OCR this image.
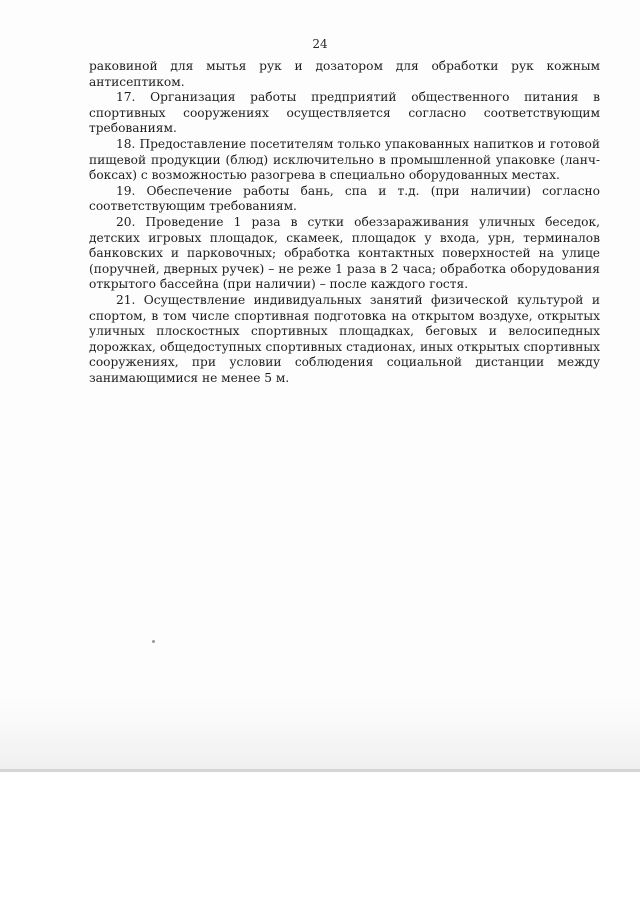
24

раковиной для мытья рук и дозатором для обработки рук кожным антисептиком.

17. Организация работы предприятий общественного питания в спортивных сооружениях осуществляется согласно соответствующим требованиям.

18. Предоставление посетителям только упакованных напитков и готовой пищевой продукции (блюд) исключительно в промышленной упаковке (ланч-боксах) с возможностью разогрева в специально оборудованных местах.

19. Обеспечение работы бань, спа и т.д. (при наличии) согласно соответствующим требованиям.

20. Проведение 1 раза в сутки обеззараживания уличных беседок, детских игровых площадок, скамеек, площадок у входа, урн, терминалов банковских и парковочных; обработка контактных поверхностей на улице (поручней, дверных ручек) – не реже 1 раза в 2 часа; обработка оборудования открытого бассейна (при наличии) – после каждого гостя.

21. Осуществление индивидуальных занятий физической культурой и спортом, в том числе спортивная подготовка на открытом воздухе, открытых уличных плоскостных спортивных площадках, беговых и велосипедных дорожках, общедоступных спортивных стадионах, иных открытых спортивных сооружениях, при условии соблюдения социальной дистанции между занимающимися не менее 5 м.
